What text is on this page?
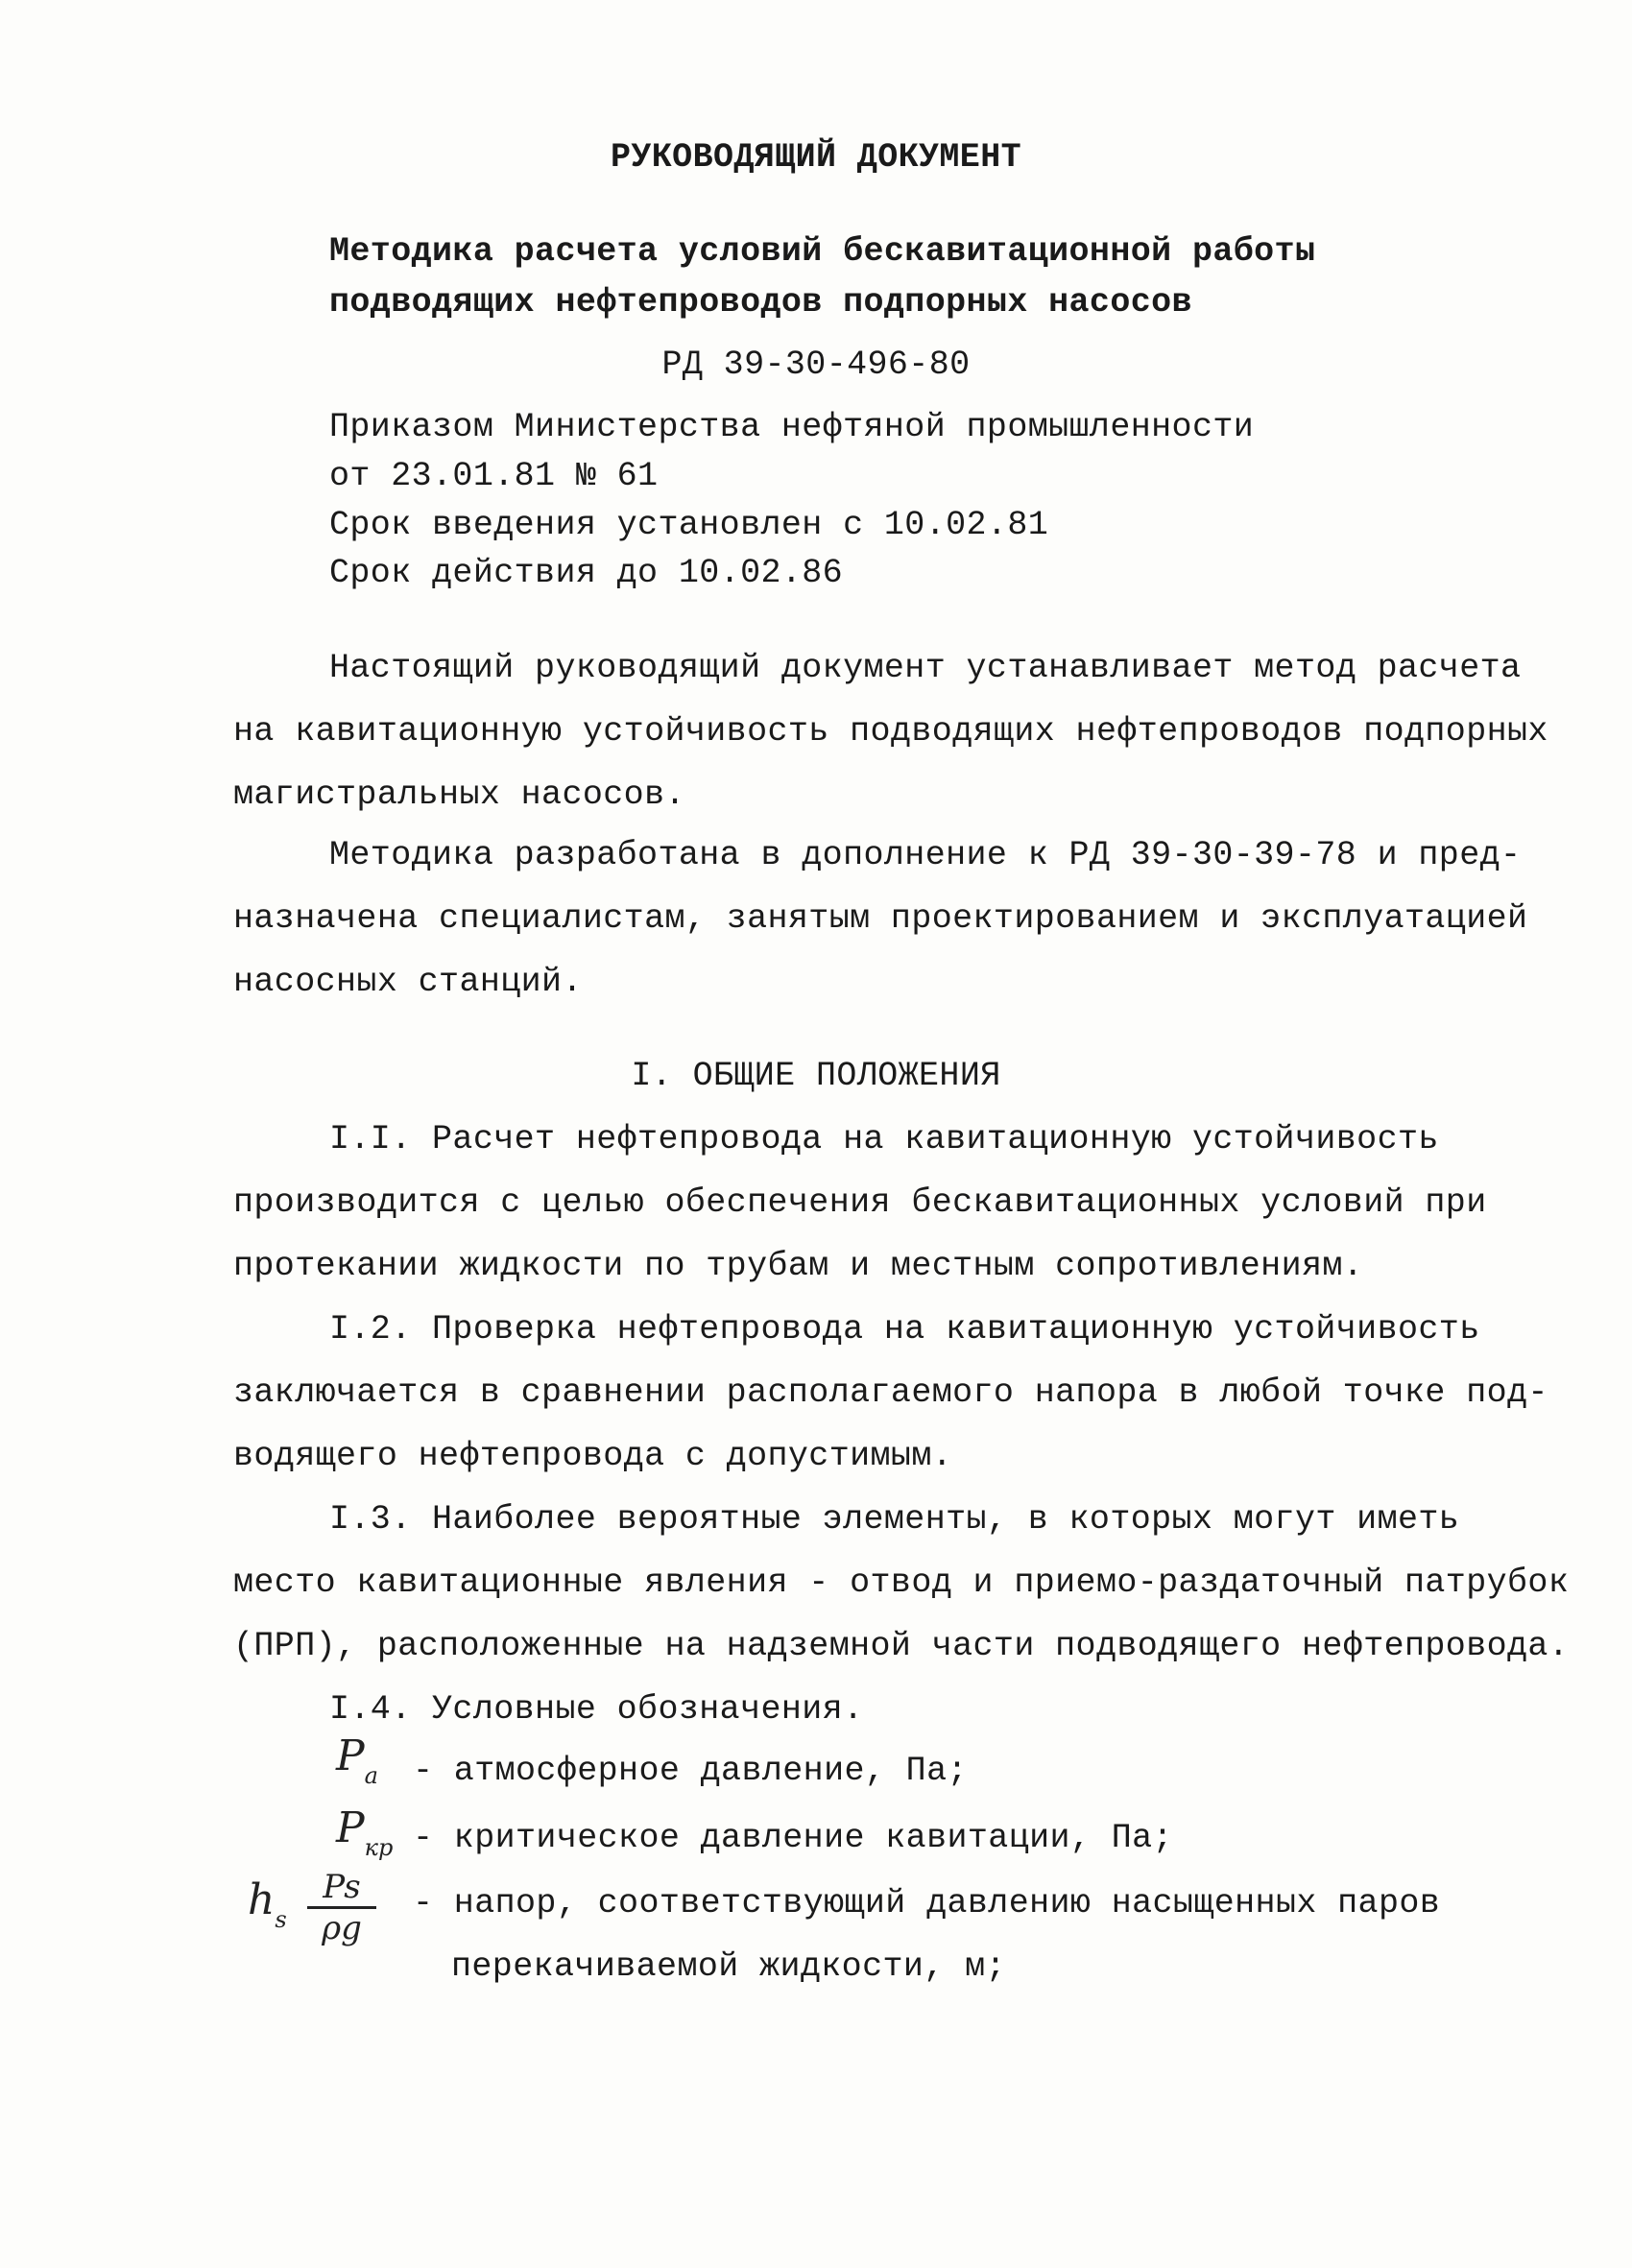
РУКОВОДЯЩИЙ ДОКУМЕНТ
Методика расчета условий бескавитационной работы
подводящих нефтепроводов подпорных насосов
РД 39-30-496-80
Приказом Министерства нефтяной промышленности
от 23.01.81 № 61
Срок введения установлен с 10.02.81
Срок действия до 10.02.86
Настоящий руководящий документ устанавливает метод расчета
на кавитационную устойчивость подводящих нефтепроводов подпорных
магистральных насосов.
Методика разработана в дополнение к РД 39-30-39-78 и пред-
назначена специалистам, занятым проектированием и эксплуатацией
насосных станций.
I. ОБЩИЕ ПОЛОЖЕНИЯ
I.I. Расчет нефтепровода на кавитационную устойчивость
производится с целью обеспечения бескавитационных условий при
протекании жидкости по трубам и местным сопротивлениям.
I.2. Проверка нефтепровода на кавитационную устойчивость
заключается в сравнении располагаемого напора в любой точке под-
водящего нефтепровода с допустимым.
I.3. Наиболее вероятные элементы, в которых могут иметь
место кавитационные явления - отвод и приемо-раздаточный патрубок
(ПРП), расположенные на надземной части подводящего нефтепровода.
I.4. Условные обозначения.
$P_a$ - атмосферное давление, Па;
$P_{кр}$ - критическое давление кавитации, Па;
$h_s$
Ps
ρg
- напор, соответствующий давлению насыщенных паров
перекачиваемой жидкости, м;
